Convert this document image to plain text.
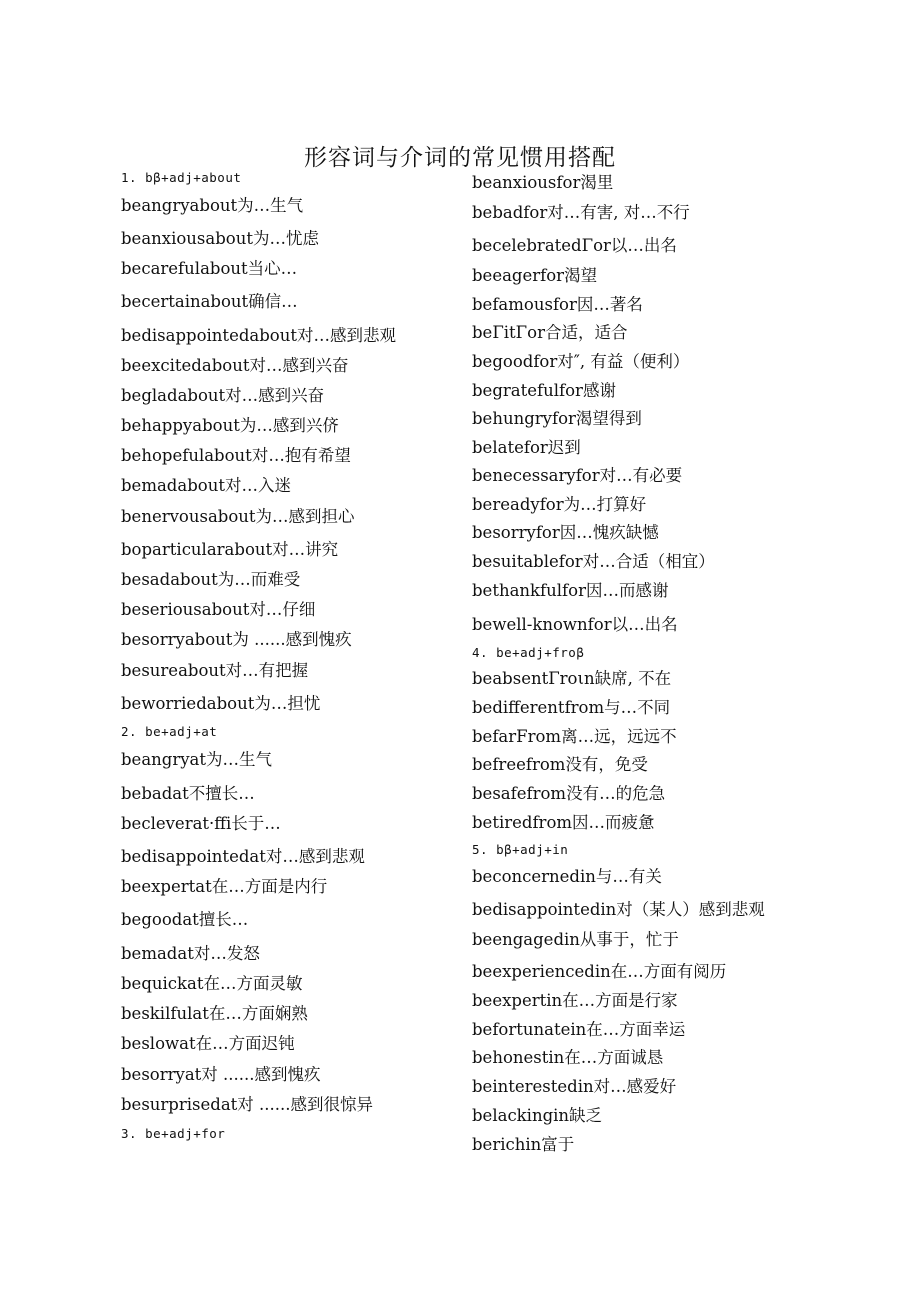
形容词与介词的常见惯用搭配
1. bβ+adj+about
beangryabout为…生气
beanxiousabout为…忧虑
becarefulabout当心…
becertainabout确信…
bedisappointedabout对…感到悲观
beexcitedabout对…感到兴奋
begladabout对…感到兴奋
behappyabout为…感到兴侪
behopefulabout对…抱有希望
bemadabout对…入迷
benervousabout为…感到担心
boparticularabout对…讲究
besadabout为…而难受
beseriousabout对…仔细
besorryabout为 ......感到愧疚
besureabout对…有把握
beworriedabout为…担忧
2. be+adj+at
beangryat为…生气
bebadat不擅长…
becleverat·ffi长于…
bedisappointedat对…感到悲观
beexpertat在…方面是内行
begoodat擅长…
bemadat对…发怒
bequickat在…方面灵敏
beskilfulat在…方面娴熟
beslowat在…方面迟钝
besorryat对 ......感到愧疚
besurprisedat对 ......感到很惊异
3. be+adj+for
beanxiousfor渴里
bebadfor对…有害, 对…不行
becelebratedΓor以…出名
beeagerfor渴望
befamousfor因…著名
beΓitΓor合适，适合
begoodfor对″, 有益（便利）
begratefulfor感谢
behungryfor渴望得到
belatefor迟到
benecessaryfor对…有必要
bereadyfor为…打算好
besorryfor因…愧疚缺憾
besuitablefor对…合适（相宜）
bethankfulfor因…而感谢
bewell-knownfor以…出名
4. be+adj+froβ
beabsentΓroιn缺席, 不在
bedifferentfrom与…不同
befarFrom离…远，远远不
befreefrom没有，免受
besafefrom没有…的危急
betiredfrom因…而疲惫
5. bβ+adj+in
beconcernedin与…有关
bedisappointedin对（某人）感到悲观
beengagedin从事于，忙于
beexperiencedin在…方面有阅历
beexpertin在…方面是行家
befortunatein在…方面幸运
behonestin在…方面诚恳
beinterestedin对…感爱好
belackingin缺乏
berichin富于
